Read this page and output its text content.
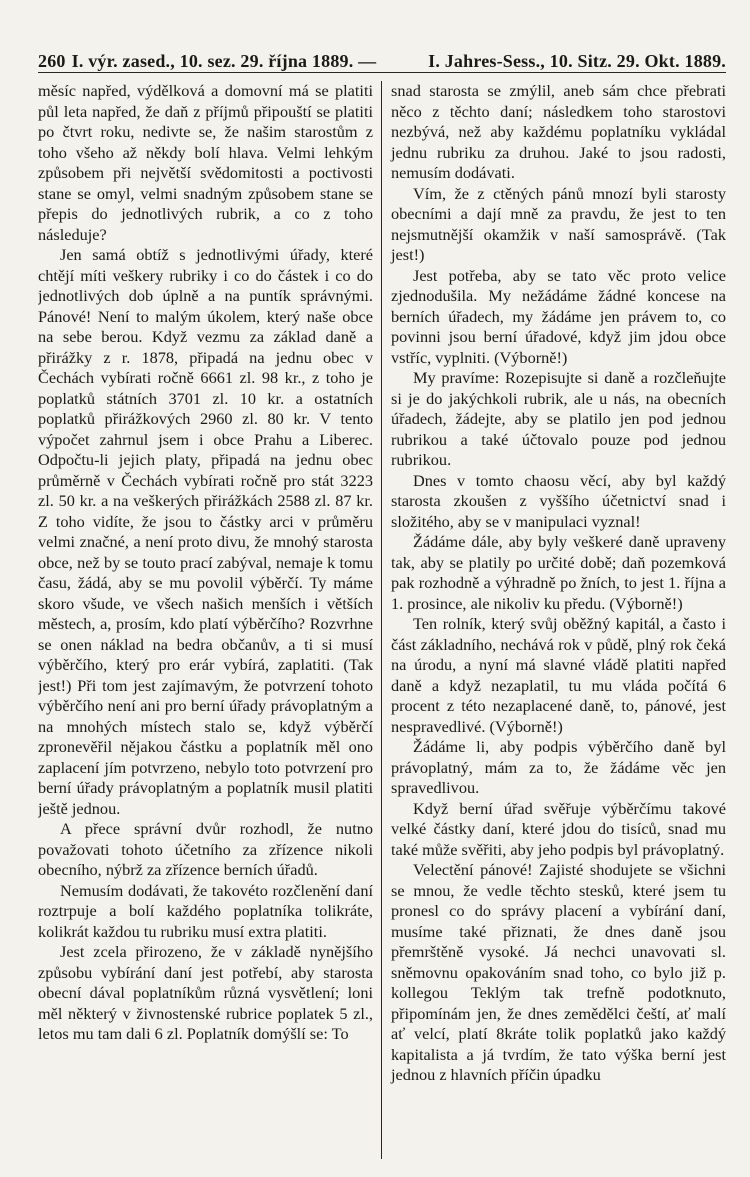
260 I. výr. zased., 10. sez. 29. října 1889. —	I. Jahres-Sess., 10. Sitz. 29. Okt. 1889.

měsíc napřed, výdělková a domovní má se platiti půl leta napřed, že daň z příjmů připouští se platiti po čtvrt roku, nedivte se, že našim starostům z toho všeho až někdy bolí hlava. Velmi lehkým způsobem při největší svědomitosti a poctivosti stane se omyl, velmi snadným způsobem stane se přepis do jednotlivých rubrik, a co z toho následuje?

Jen samá obtíž s jednotlivými úřady, které chtějí míti veškery rubriky i co do částek i co do jednotlivých dob úplně a na puntík správnými. Pánové! Není to malým úkolem, který naše obce na sebe berou. Když vezmu za základ daně a přirážky z r. 1878, připadá na jednu obec v Čechách vybírati ročně 6661 zl. 98 kr., z toho je poplatků státních 3701 zl. 10 kr. a ostatních poplatků přirážkových 2960 zl. 80 kr. V tento výpočet zahrnul jsem i obce Prahu a Liberec. Odpočtu-li jejich platy, připadá na jednu obec průměrně v Čechách vybírati ročně pro stát 3223 zl. 50 kr. a na veškerých přirážkách 2588 zl. 87 kr. Z toho vidíte, že jsou to částky arci v průměru velmi značné, a není proto divu, že mnohý starosta obce, než by se touto prací zabýval, nemaje k tomu času, žádá, aby se mu povolil výběrčí. Ty máme skoro všude, ve všech našich menších i větších městech, a, prosím, kdo platí výběrčího? Rozvrhne se onen náklad na bedra občanův, a ti si musí výběrčího, který pro erár vybírá, zaplatiti. (Tak jest!) Při tom jest zajímavým, že potvrzení tohoto výběrčího není ani pro berní úřady právoplatným a na mnohých místech stalo se, když výběrčí zpronevěřil nějakou částku a poplatník měl ono zaplacení jím potvrzeno, nebylo toto potvrzení pro berní úřady právoplatným a poplatník musil platiti ještě jednou.

A přece správní dvůr rozhodl, že nutno považovati tohoto účetního za zřízence nikoli obecního, nýbrž za zřízence berních úřadů.

Nemusím dodávati, že takovéto rozčlenění daní roztrpuje a bolí každého poplatníka tolikráte, kolikrát každou tu rubriku musí extra platiti.

Jest zcela přirozeno, že v základě nynějšího způsobu vybírání daní jest potřebí, aby starosta obecní dával poplatníkům různá vysvětlení; loni měl některý v živnostenské rubrice poplatek 5 zl., letos mu tam dali 6 zl. Poplatník domýšlí se: To

snad starosta se zmýlil, aneb sám chce přebrati něco z těchto daní; následkem toho starostovi nezbývá, než aby každému poplatníku vykládal jednu rubriku za druhou. Jaké to jsou radosti, nemusím dodávati.

Vím, že z ctěných pánů mnozí byli starosty obecními a dají mně za pravdu, že jest to ten nejsmutnější okamžik v naší samosprávě. (Tak jest!)

Jest potřeba, aby se tato věc proto velice zjednodušila. My nežádáme žádné koncese na berních úřadech, my žádáme jen právem to, co povinni jsou berní úřadové, když jim jdou obce vstříc, vyplniti. (Výborně!)

My pravíme: Rozepisujte si daně a rozčleňujte si je do jakýchkoli rubrik, ale u nás, na obecních úřadech, žádejte, aby se platilo jen pod jednou rubrikou a také účtovalo pouze pod jednou rubrikou.

Dnes v tomto chaosu věcí, aby byl každý starosta zkoušen z vyššího účetnictví snad i složitého, aby se v manipulaci vyznal!

Žádáme dále, aby byly veškeré daně upraveny tak, aby se platily po určité době; daň pozemková pak rozhodně a výhradně po žních, to jest 1. října a 1. prosince, ale nikoliv ku předu. (Výborně!)

Ten rolník, který svůj oběžný kapitál, a často i část základního, nechává rok v půdě, plný rok čeká na úrodu, a nyní má slavné vládě platiti napřed daně a když nezaplatil, tu mu vláda počítá 6 procent z této nezaplacené daně, to, pánové, jest nespravedlivé. (Výborně!)

Žádáme li, aby podpis výběrčího daně byl právoplatný, mám za to, že žádáme věc jen spravedlivou.

Když berní úřad svěřuje výběrčímu takové velké částky daní, které jdou do tisíců, snad mu také může svěřiti, aby jeho podpis byl právoplatný.

Velectění pánové! Zajisté shodujete se všichni se mnou, že vedle těchto stesků, které jsem tu pronesl co do správy placení a vybírání daní, musíme také přiznati, že dnes daně jsou přemrštěně vysoké. Já nechci unavovati sl. sněmovnu opakováním snad toho, co bylo již p. kollegou Teklým tak trefně podotknuto, připomínám jen, že dnes zemědělci čeští, ať malí ať velcí, platí 8kráte tolik poplatků jako každý kapitalista a já tvrdím, že tato výška berní jest jednou z hlavních příčin úpadku
